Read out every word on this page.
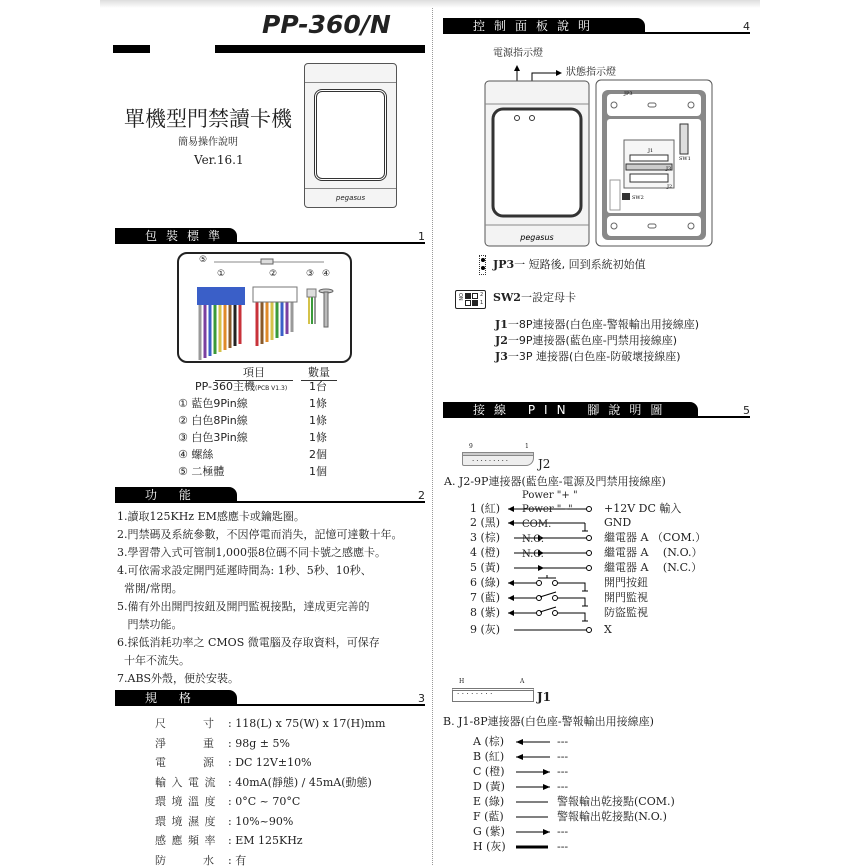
PP-360/N
單機型門禁讀卡機
簡易操作說明
Ver.16.1
pegasus
包裝標準	1
⑤
①	②	③ ④
項目	數量
PP-360主機(PCB V1.3) 1台
① 藍色9Pin線	1條
② 白色8Pin線	1條
③ 白色3Pin線	1條
④ 螺絲	2個
⑤ 二極體	1個
功 能	2
1.讀取125KHz EM感應卡或鑰匙圈。
2.門禁碼及系統參數，不因停電而消失，記憶可達數十年。
3.學習帶入式可管制1,000張8位碼不同卡號之感應卡。
4.可依需求設定開門延遲時間為: 1秒、5秒、10秒、
常開/常閉。
5.備有外出開門按鈕及開門監視接點，達成更完善的
門禁功能。
6.採低消耗功率之 CMOS 微電腦及存取資料，可保存
十年不流失。
7.ABS外殼，便於安裝。
規 格	3
尺　　　寸 : 118(L) x 75(W) x 17(H)mm
淨　　　重 : 98g ± 5%
電　　　源 : DC 12V±10%
輸 入 電 流 : 40mA(靜態) / 45mA(動態)
環 境 溫 度 : 0°C ~ 70°C
環 境 濕 度 : 10%~90%
感 應 頻 率 : EM 125KHz
防　　　水 : 有
控制面板說明	4
電源指示燈
狀態指示燈
pegasus
JP3
J1
SW1
SW2
J2
J3
ON	2
1
JP3一 短路後, 回到系統初始值
SW2一設定母卡
J1一8P連接器(白色座-警報輸出用接線座)
J2一9P連接器(藍色座-門禁用接線座)
J3一3P 連接器(白色座-防破壞接線座)
接線 PIN 腳說明圖	5
·········
9	1
J2
A. J2-9P連接器(藍色座-電源及門禁用接線座)
1 (紅)	+12V DC 輸入
Power "+ "
2 (黑)	GND
Power " -"
3 (棕)	繼電器 A （COM.）
COM.
4 (橙)	繼電器 A 　(N.O.）
N.O.
5 (黃)	繼電器 A 　(N.C.）
N.C.
6 (綠)	開門按鈕
7 (藍)	開門監視
8 (紫)	防盜監視
9 (灰)	X
········
H	A
J1
B. J1-8P連接器(白色座-警報輸出用接線座)
A (棕)	---
B (紅)	---
C (橙)	---
D (黃)	---
E (綠)	警報輸出乾接點(COM.)
F (藍)	警報輸出乾接點(N.O.)
G (紫)	---
H (灰)	---
